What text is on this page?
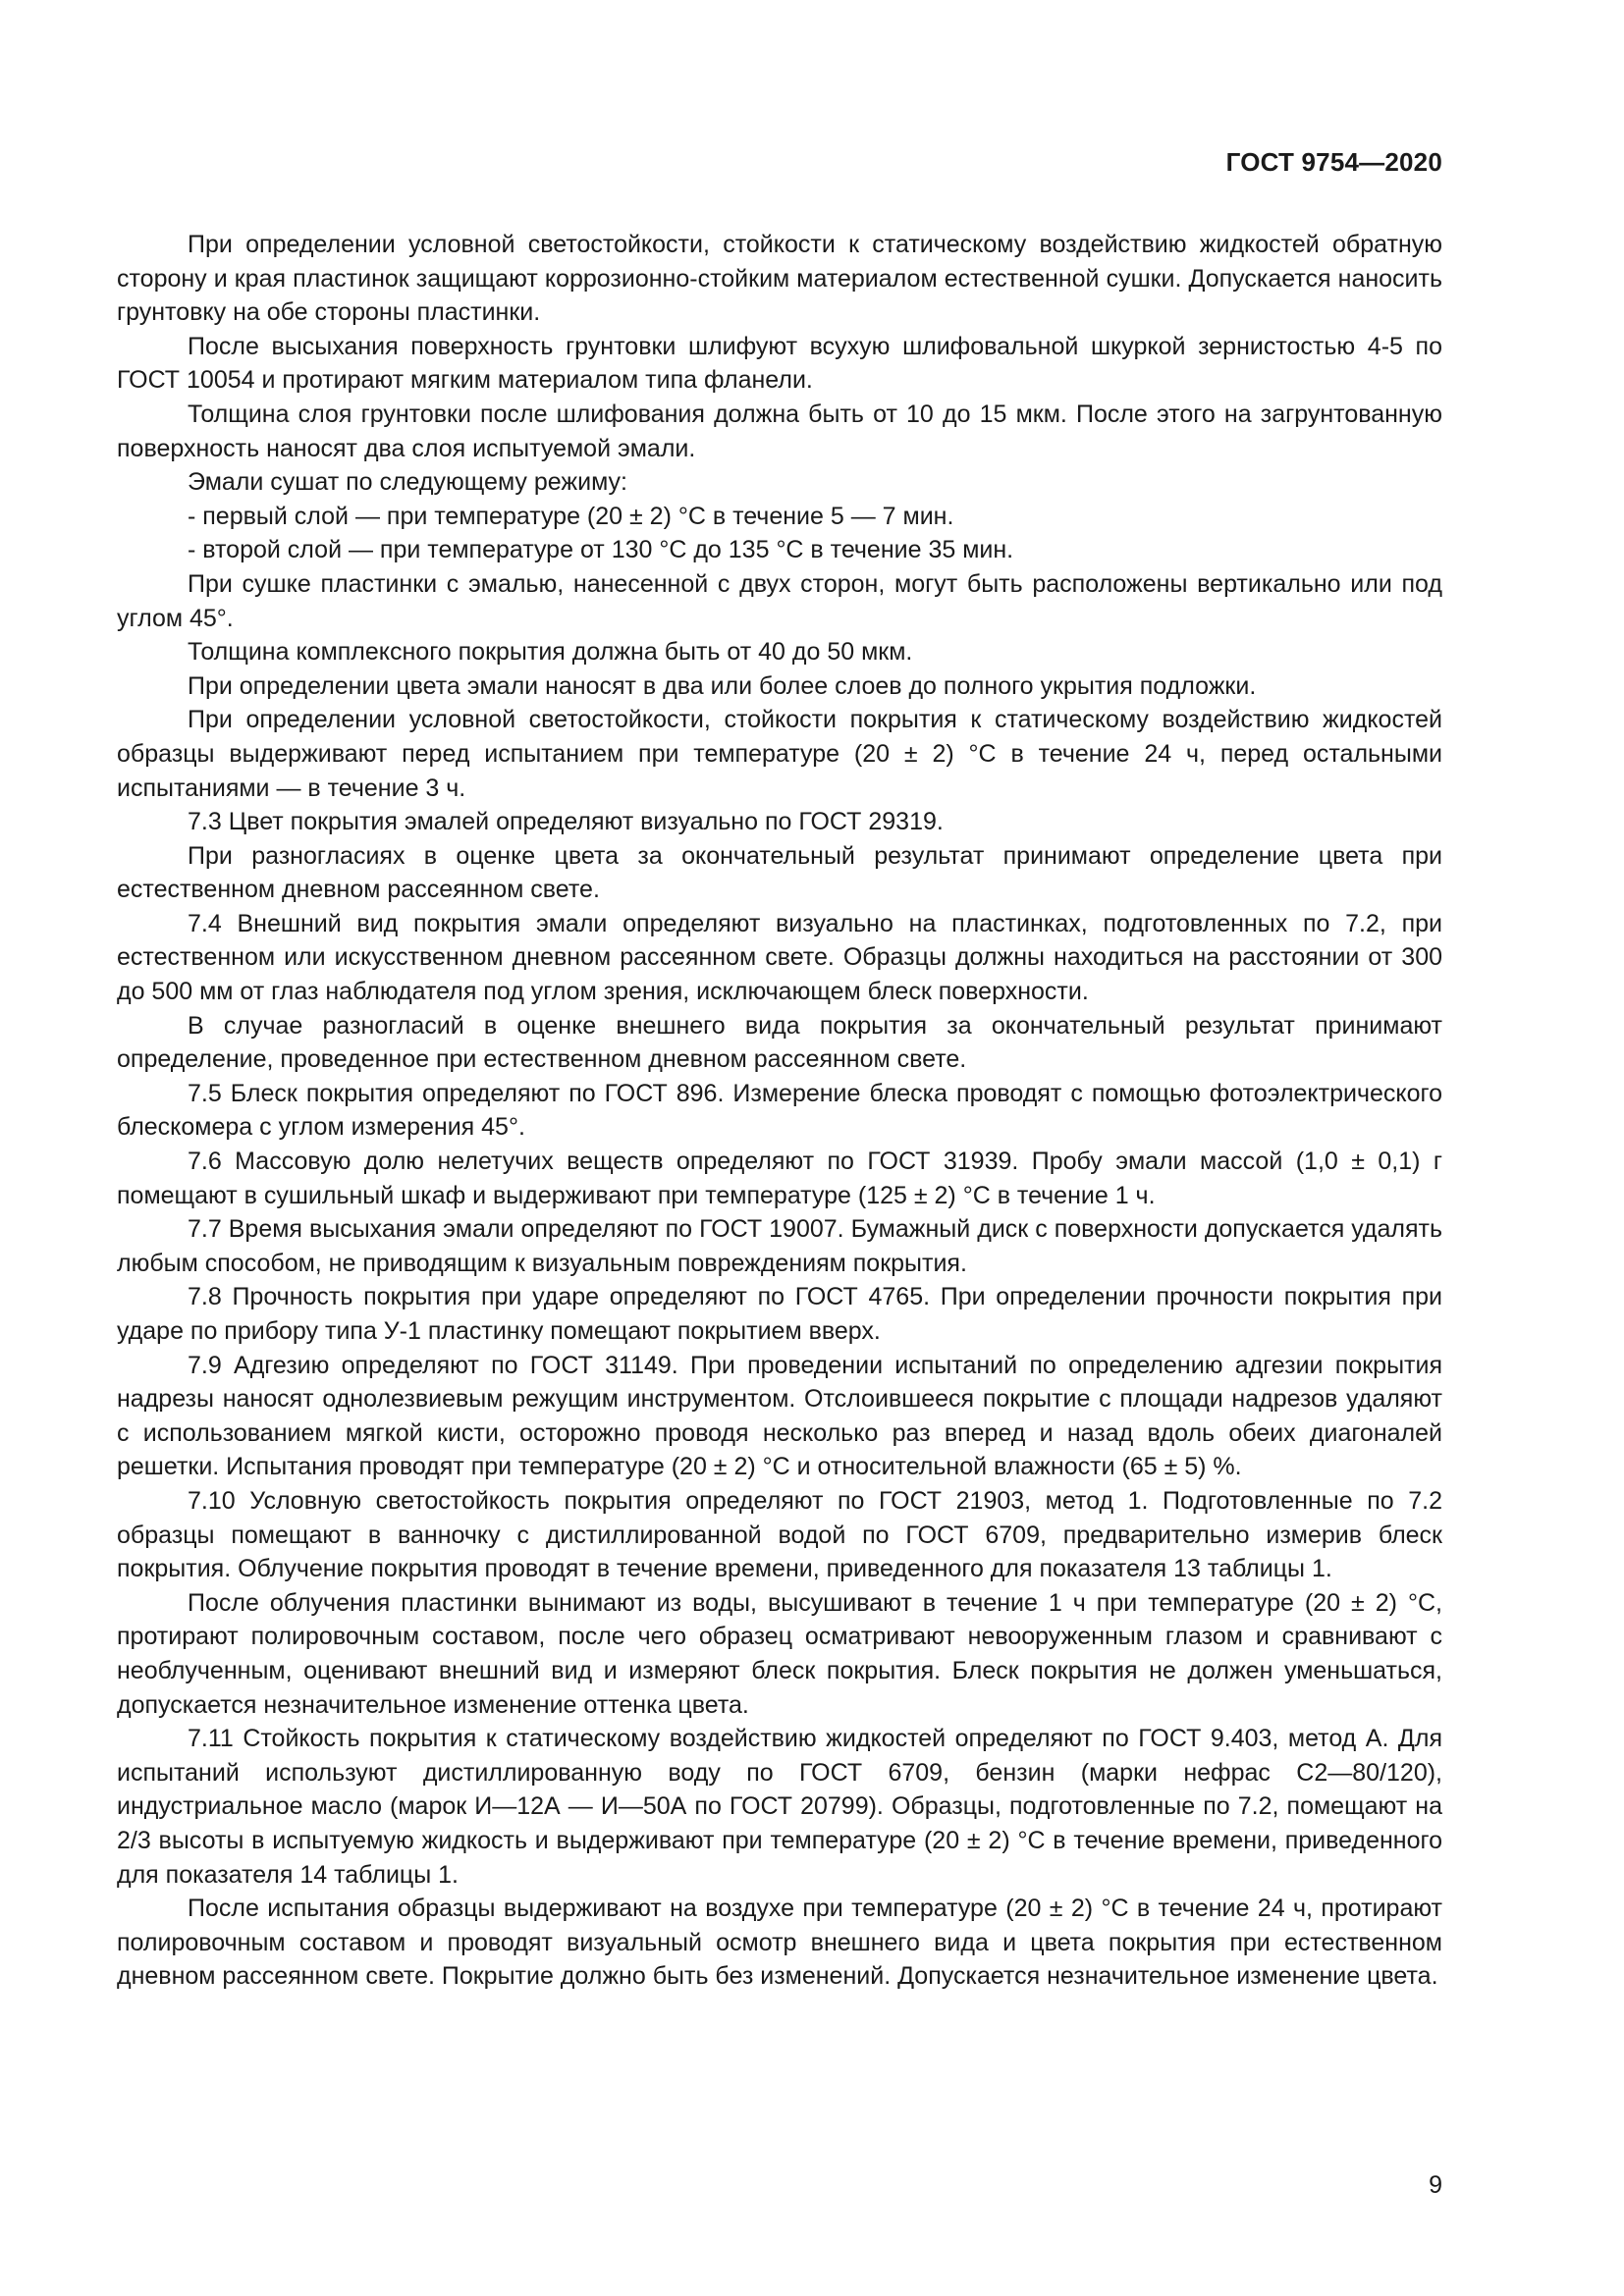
ГОСТ 9754—2020

При определении условной светостойкости, стойкости к статическому воздействию жидкостей обратную сторону и края пластинок защищают коррозионно-стойким материалом естественной сушки. Допускается наносить грунтовку на обе стороны пластинки.

После высыхания поверхность грунтовки шлифуют всухую шлифовальной шкуркой зернистостью 4-5 по ГОСТ 10054 и протирают мягким материалом типа фланели.

Толщина слоя грунтовки после шлифования должна быть от 10 до 15 мкм. После этого на загрунтованную поверхность наносят два слоя испытуемой эмали.

Эмали сушат по следующему режиму:

- первый слой — при температуре (20 ± 2) °С в течение 5 — 7 мин.

- второй слой — при температуре от 130 °С до 135 °С в течение 35 мин.

При сушке пластинки с эмалью, нанесенной с двух сторон, могут быть расположены вертикально или под углом 45°.

Толщина комплексного покрытия должна быть от 40 до 50 мкм.

При определении цвета эмали наносят в два или более слоев до полного укрытия подложки.

При определении условной светостойкости, стойкости покрытия к статическому воздействию жидкостей образцы выдерживают перед испытанием при температуре (20 ± 2) °С в течение 24 ч, перед остальными испытаниями — в течение 3 ч.

7.3 Цвет покрытия эмалей определяют визуально по ГОСТ 29319.

При разногласиях в оценке цвета за окончательный результат принимают определение цвета при естественном дневном рассеянном свете.

7.4 Внешний вид покрытия эмали определяют визуально на пластинках, подготовленных по 7.2, при естественном или искусственном дневном рассеянном свете. Образцы должны находиться на расстоянии от 300 до 500 мм от глаз наблюдателя под углом зрения, исключающем блеск поверхности.

В случае разногласий в оценке внешнего вида покрытия за окончательный результат принимают определение, проведенное при естественном дневном рассеянном свете.

7.5 Блеск покрытия определяют по ГОСТ 896. Измерение блеска проводят с помощью фотоэлектрического блескомера с углом измерения 45°.

7.6 Массовую долю нелетучих веществ определяют по ГОСТ 31939. Пробу эмали массой (1,0 ± 0,1) г помещают в сушильный шкаф и выдерживают при температуре (125 ± 2) °С в течение 1 ч.

7.7 Время высыхания эмали определяют по ГОСТ 19007. Бумажный диск с поверхности допускается удалять любым способом, не приводящим к визуальным повреждениям покрытия.

7.8 Прочность покрытия при ударе определяют по ГОСТ 4765. При определении прочности покрытия при ударе по прибору типа У-1 пластинку помещают покрытием вверх.

7.9 Адгезию определяют по ГОСТ 31149. При проведении испытаний по определению адгезии покрытия надрезы наносят однолезвиевым режущим инструментом. Отслоившееся покрытие с площади надрезов удаляют с использованием мягкой кисти, осторожно проводя несколько раз вперед и назад вдоль обеих диагоналей решетки. Испытания проводят при температуре (20 ± 2) °С и относительной влажности (65 ± 5) %.

7.10 Условную светостойкость покрытия определяют по ГОСТ 21903, метод 1. Подготовленные по 7.2 образцы помещают в ванночку с дистиллированной водой по ГОСТ 6709, предварительно измерив блеск покрытия. Облучение покрытия проводят в течение времени, приведенного для показателя 13 таблицы 1.

После облучения пластинки вынимают из воды, высушивают в течение 1 ч при температуре (20 ± 2) °С, протирают полировочным составом, после чего образец осматривают невооруженным глазом и сравнивают с необлученным, оценивают внешний вид и измеряют блеск покрытия. Блеск покрытия не должен уменьшаться, допускается незначительное изменение оттенка цвета.

7.11 Стойкость покрытия к статическому воздействию жидкостей определяют по ГОСТ 9.403, метод А. Для испытаний используют дистиллированную воду по ГОСТ 6709, бензин (марки нефрас С2—80/120), индустриальное масло (марок И—12А — И—50А по ГОСТ 20799). Образцы, подготовленные по 7.2, помещают на 2/3 высоты в испытуемую жидкость и выдерживают при температуре (20 ± 2) °С в течение времени, приведенного для показателя 14 таблицы 1.

После испытания образцы выдерживают на воздухе при температуре (20 ± 2) °С в течение 24 ч, протирают полировочным составом и проводят визуальный осмотр внешнего вида и цвета покрытия при естественном дневном рассеянном свете. Покрытие должно быть без изменений. Допускается незначительное изменение цвета.

9
